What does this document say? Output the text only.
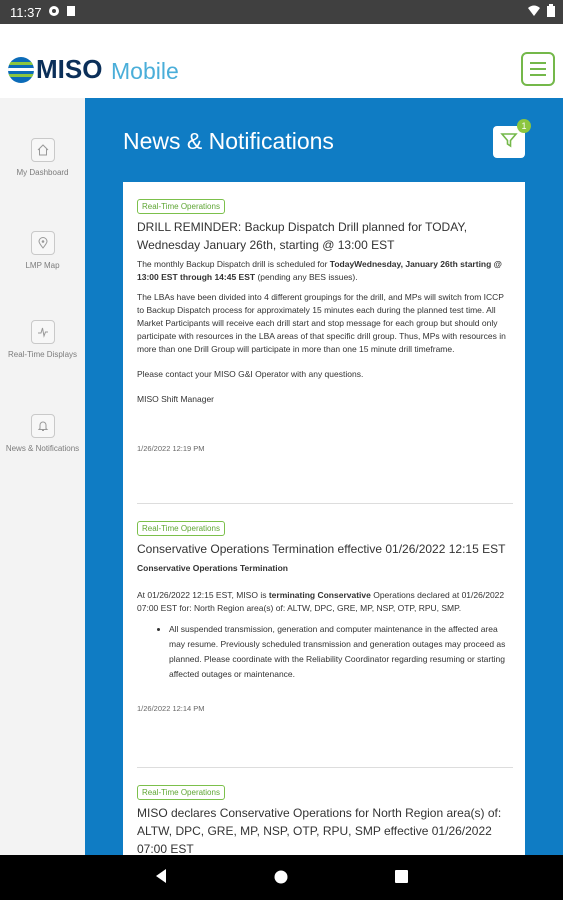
11:37
MISO Mobile
My Dashboard
LMP Map
Real-Time Displays
News & Notifications
News & Notifications
1
Real-Time Operations
DRILL REMINDER: Backup Dispatch Drill planned for TODAY, Wednesday January 26th, starting @ 13:00 EST

The monthly Backup Dispatch drill is scheduled for TodayWednesday, January 26th starting @ 13:00 EST through 14:45 EST (pending any BES issues).

The LBAs have been divided into 4 different groupings for the drill, and MPs will switch from ICCP to Backup Dispatch process for approximately 15 minutes each during the planned test time. All Market Participants will receive each drill start and stop message for each group but should only participate with resources in the LBA areas of that specific drill group. Thus, MPs with resources in more than one Drill Group will participate in more than one 15 minute drill timeframe.

Please contact your MISO G&I Operator with any questions.

MISO Shift Manager

1/26/2022 12:19 PM
Real-Time Operations
Conservative Operations Termination effective 01/26/2022 12:15 EST

Conservative Operations Termination

At 01/26/2022 12:15 EST, MISO is terminating Conservative Operations declared at 01/26/2022 07:00 EST for: North Region area(s) of: ALTW, DPC, GRE, MP, NSP, OTP, RPU, SMP.

• All suspended transmission, generation and computer maintenance in the affected area may resume. Previously scheduled transmission and generation outages may proceed as planned. Please coordinate with the Reliability Coordinator regarding resuming or starting affected outages or maintenance.
1/26/2022 12:14 PM
Real-Time Operations
MISO declares Conservative Operations for North Region area(s) of: ALTW, DPC, GRE, MP, NSP, OTP, RPU, SMP effective 01/26/2022 07:00 EST
